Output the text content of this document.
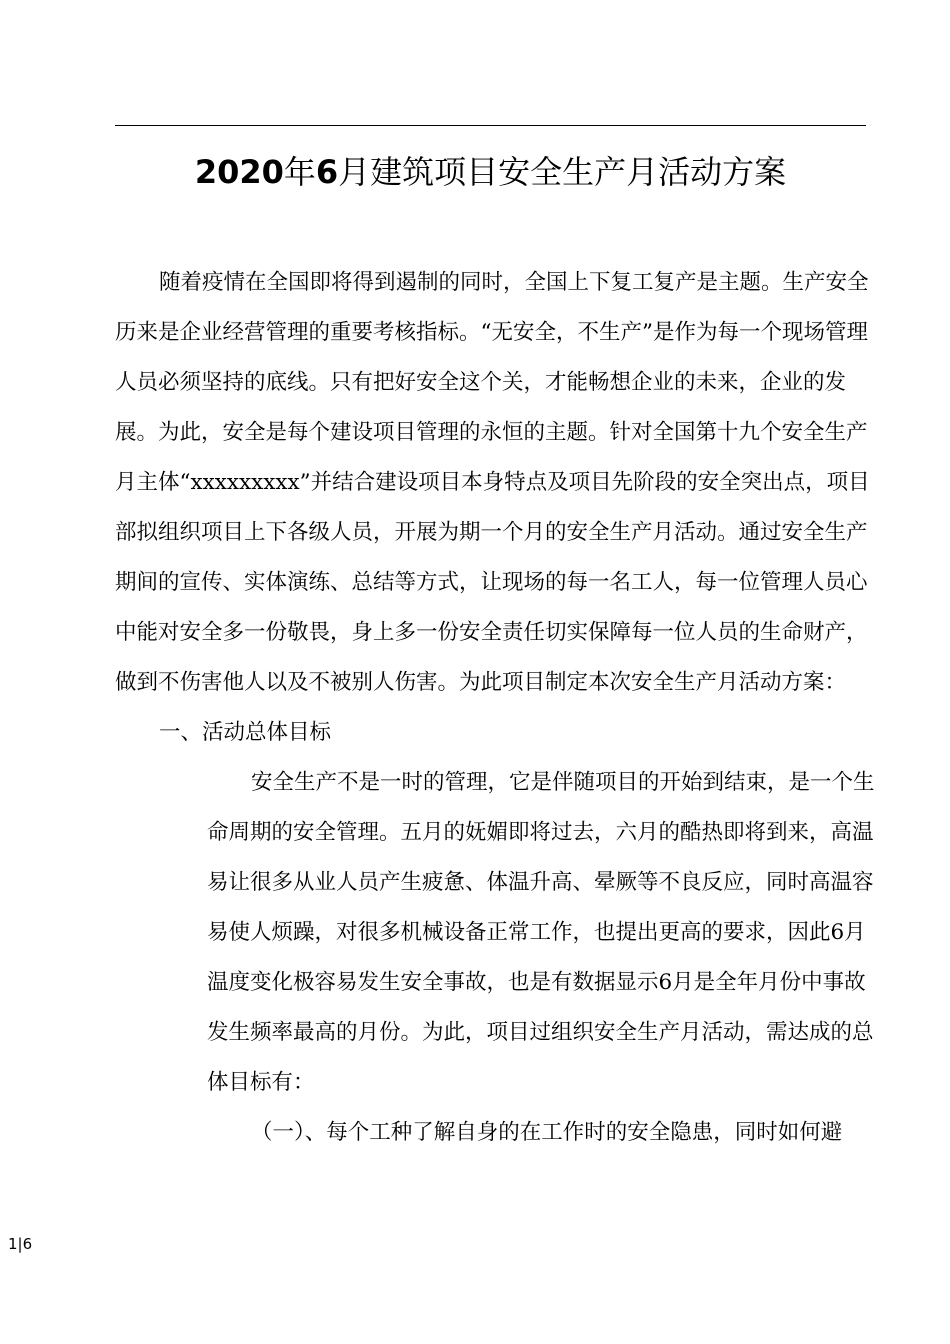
2020年6月建筑项目安全生产月活动方案

随着疫情在全国即将得到遏制的同时，全国上下复工复产是主题。生产安全历来是企业经营管理的重要考核指标。“无安全，不生产”是作为每一个现场管理人员必须坚持的底线。只有把好安全这个关，才能畅想企业的未来，企业的发展。为此，安全是每个建设项目管理的永恒的主题。针对全国第十九个安全生产月主体“xxxxxxxxx”并结合建设项目本身特点及项目先阶段的安全突出点，项目部拟组织项目上下各级人员，开展为期一个月的安全生产月活动。通过安全生产期间的宣传、实体演练、总结等方式，让现场的每一名工人，每一位管理人员心中能对安全多一份敬畏，身上多一份安全责任切实保障每一位人员的生命财产，做到不伤害他人以及不被别人伤害。为此项目制定本次安全生产月活动方案：

一、活动总体目标

安全生产不是一时的管理，它是伴随项目的开始到结束，是一个生命周期的安全管理。五月的妩媚即将过去，六月的酷热即将到来，高温易让很多从业人员产生疲惫、体温升高、晕厥等不良反应，同时高温容易使人烦躁，对很多机械设备正常工作，也提出更高的要求，因此6月温度变化极容易发生安全事故，也是有数据显示6月是全年月份中事故发生频率最高的月份。为此，项目过组织安全生产月活动，需达成的总体目标有：

（一）、每个工种了解自身的在工作时的安全隐患，同时如何避

1|6
